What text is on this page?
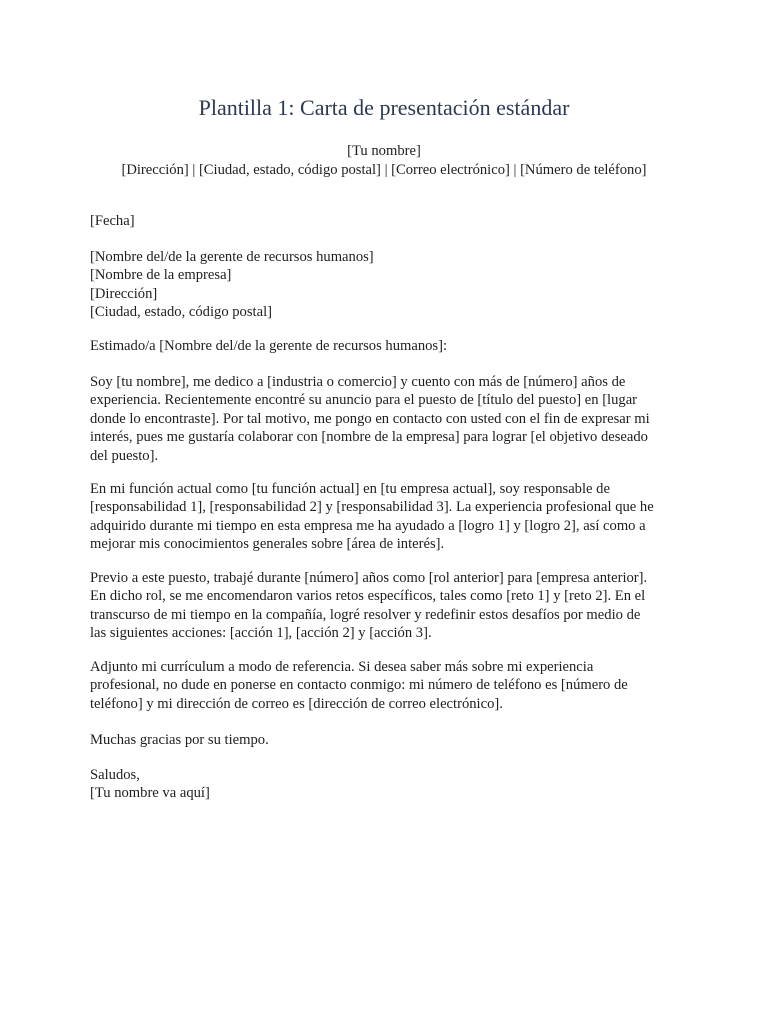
Plantilla 1: Carta de presentación estándar
[Tu nombre]
[Dirección] | [Ciudad, estado, código postal] | [Correo electrónico] | [Número de teléfono]

[Fecha]

[Nombre del/de la gerente de recursos humanos]
[Nombre de la empresa]
[Dirección]
[Ciudad, estado, código postal]

Estimado/a [Nombre del/de la gerente de recursos humanos]:

Soy [tu nombre], me dedico a [industria o comercio] y cuento con más de [número] años de
experiencia. Recientemente encontré su anuncio para el puesto de [título del puesto] en [lugar
donde lo encontraste]. Por tal motivo, me pongo en contacto con usted con el fin de expresar mi
interés, pues me gustaría colaborar con [nombre de la empresa] para lograr [el objetivo deseado
del puesto].

En mi función actual como [tu función actual] en [tu empresa actual], soy responsable de
[responsabilidad 1], [responsabilidad 2] y [responsabilidad 3]. La experiencia profesional que he
adquirido durante mi tiempo en esta empresa me ha ayudado a [logro 1] y [logro 2], así como a
mejorar mis conocimientos generales sobre [área de interés].

Previo a este puesto, trabajé durante [número] años como [rol anterior] para [empresa anterior].
En dicho rol, se me encomendaron varios retos específicos, tales como [reto 1] y [reto 2]. En el
transcurso de mi tiempo en la compañía, logré resolver y redefinir estos desafíos por medio de
las siguientes acciones: [acción 1], [acción 2] y [acción 3].

Adjunto mi currículum a modo de referencia. Si desea saber más sobre mi experiencia
profesional, no dude en ponerse en contacto conmigo: mi número de teléfono es [número de
teléfono] y mi dirección de correo es [dirección de correo electrónico].

Muchas gracias por su tiempo.

Saludos,
[Tu nombre va aquí]
